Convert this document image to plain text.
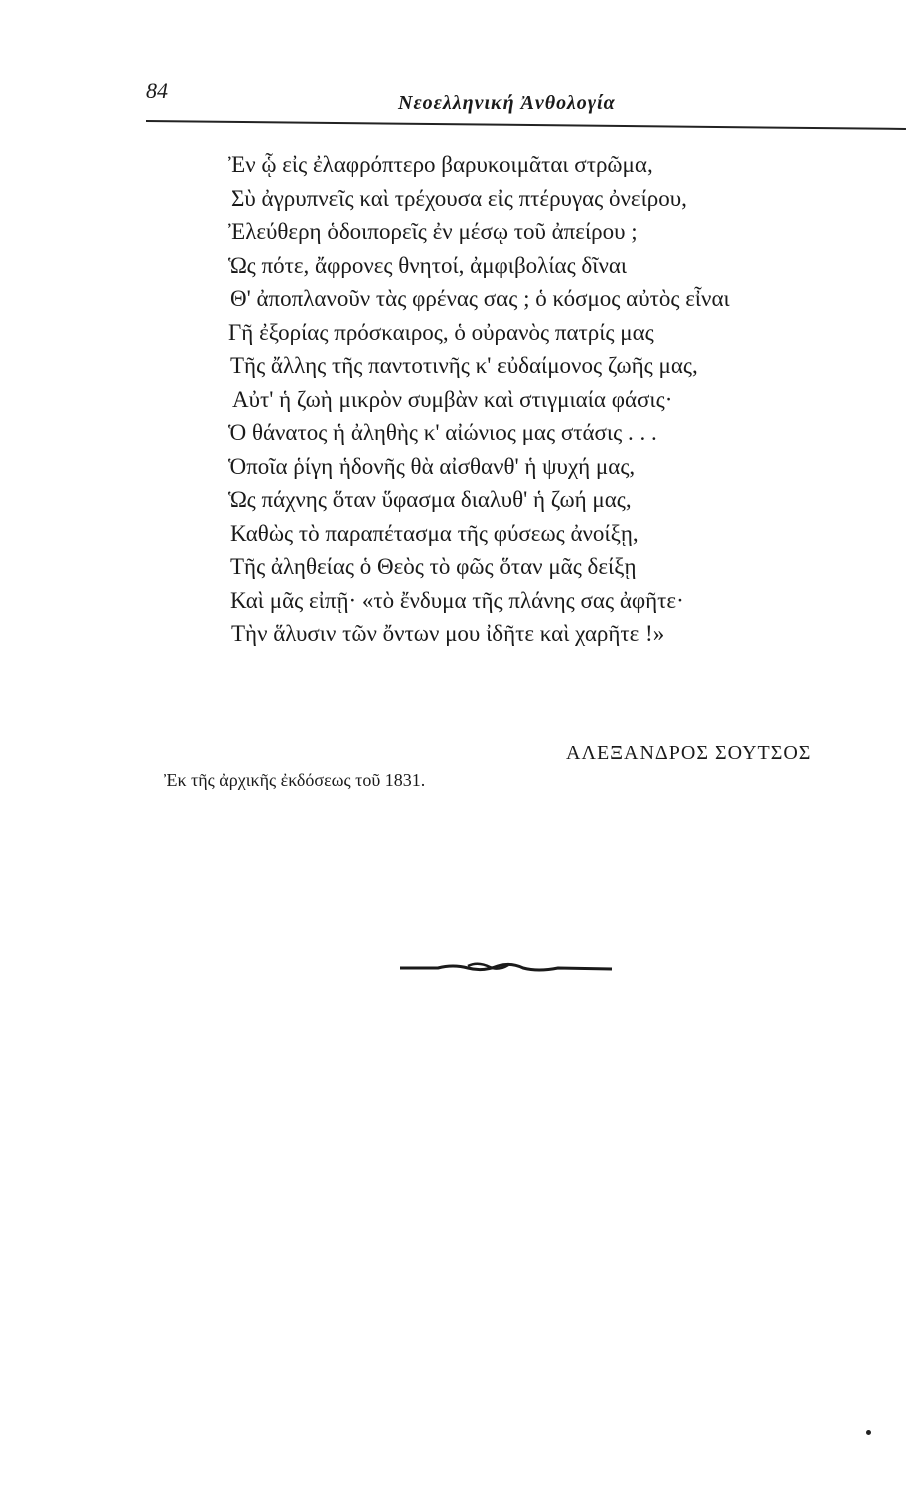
84	Νεοελληνική Ἀνθολογία
Ἐν ᾧ εἰς ἐλαφρόπτερο βαρυκοιμᾶται στρῶμα,
Σὺ ἀγρυπνεῖς καὶ τρέχουσα εἰς πτέρυγας ὀνείρου,
Ἐλεύθερη ὁδοιπορεῖς ἐν μέσῳ τοῦ ἀπείρου ;
Ὡς πότε, ἄφρονες θνητοί, ἀμφιβολίας δῖναι
Θ' ἀποπλανοῦν τὰς φρένας σας ; ὁ κόσμος αὐτὸς εἶναι
Γῆ ἐξορίας πρόσκαιρος, ὁ οὐρανὸς πατρίς μας
Τῆς ἄλλης τῆς παντοτινῆς κ' εὐδαίμονος ζωῆς μας,
Αὐτ' ἡ ζωὴ μικρὸν συμβὰν καὶ στιγμιαία φάσις·
Ὁ θάνατος ἡ ἀληθὴς κ' αἰώνιος μας στάσις . . .
Ὁποῖα ῥίγη ἡδονῆς θὰ αἰσθανθ' ἡ ψυχή μας,
Ὡς πάχνης ὅταν ὕφασμα διαλυθ' ἡ ζωή μας,
Καθὼς τὸ παραπέτασμα τῆς φύσεως ἀνοίξῃ,
Τῆς ἀληθείας ὁ Θεὸς τὸ φῶς ὅταν μᾶς δείξῃ
Καὶ μᾶς εἰπῇ· «τὸ ἔνδυμα τῆς πλάνης σας ἀφῆτε·
Τὴν ἅλυσιν τῶν ὄντων μου ἰδῆτε καὶ χαρῆτε !»
ΑΛΕΞΑΝΔΡΟΣ ΣΟΥΤΣΟΣ
Ἐκ τῆς ἀρχικῆς ἐκδόσεως τοῦ 1831.
